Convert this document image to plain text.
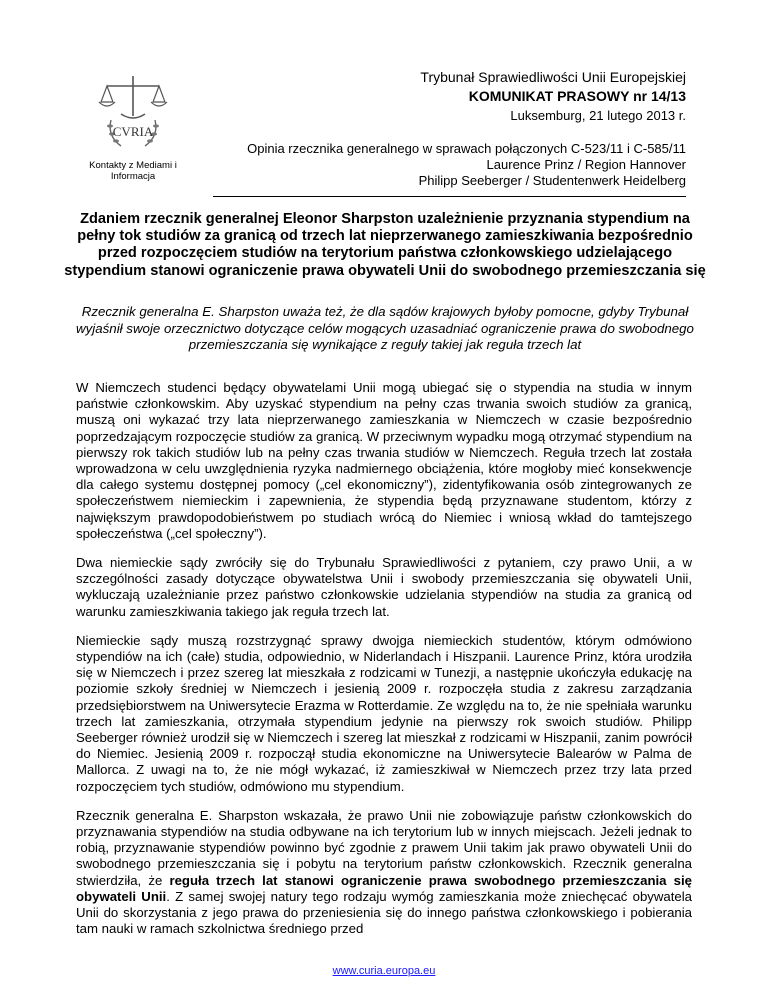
CVRIA
Kontakty z Mediami i
Informacja
Trybunał Sprawiedliwości Unii Europejskiej
KOMUNIKAT PRASOWY nr 14/13
Luksemburg, 21 lutego 2013 r.
Opinia rzecznika generalnego w sprawach połączonych C-523/11 i C-585/11
Laurence Prinz / Region Hannover
Philipp Seeberger / Studentenwerk Heidelberg
Zdaniem rzecznik generalnej Eleonor Sharpston uzależnienie przyznania stypendium na pełny tok studiów za granicą od trzech lat nieprzerwanego zamieszkiwania bezpośrednio przed rozpoczęciem studiów na terytorium państwa członkowskiego udzielającego stypendium stanowi ograniczenie prawa obywateli Unii do swobodnego przemieszczania się
Rzecznik generalna E. Sharpston uważa też, że dla sądów krajowych byłoby pomocne, gdyby Trybunał wyjaśnił swoje orzecznictwo dotyczące celów mogących uzasadniać ograniczenie prawa do swobodnego przemieszczania się wynikające z reguły takiej jak reguła trzech lat

W Niemczech studenci będący obywatelami Unii mogą ubiegać się o stypendia na studia w innym państwie członkowskim. Aby uzyskać stypendium na pełny czas trwania swoich studiów za granicą, muszą oni wykazać trzy lata nieprzerwanego zamieszkania w Niemczech w czasie bezpośrednio poprzedzającym rozpoczęcie studiów za granicą. W przeciwnym wypadku mogą otrzymać stypendium na pierwszy rok takich studiów lub na pełny czas trwania studiów w Niemczech. Reguła trzech lat została wprowadzona w celu uwzględnienia ryzyka nadmiernego obciążenia, które mogłoby mieć konsekwencje dla całego systemu dostępnej pomocy („cel ekonomiczny”), zidentyfikowania osób zintegrowanych ze społeczeństwem niemieckim i zapewnienia, że stypendia będą przyznawane studentom, którzy z największym prawdopodobieństwem po studiach wrócą do Niemiec i wniosą wkład do tamtejszego społeczeństwa („cel społeczny”).

Dwa niemieckie sądy zwróciły się do Trybunału Sprawiedliwości z pytaniem, czy prawo Unii, a w szczególności zasady dotyczące obywatelstwa Unii i swobody przemieszczania się obywateli Unii, wykluczają uzależnianie przez państwo członkowskie udzielania stypendiów na studia za granicą od warunku zamieszkiwania takiego jak reguła trzech lat.

Niemieckie sądy muszą rozstrzygnąć sprawy dwojga niemieckich studentów, którym odmówiono stypendiów na ich (całe) studia, odpowiednio, w Niderlandach i Hiszpanii. Laurence Prinz, która urodziła się w Niemczech i przez szereg lat mieszkała z rodzicami w Tunezji, a następnie ukończyła edukację na poziomie szkoły średniej w Niemczech i jesienią 2009 r. rozpoczęła studia z zakresu zarządzania przedsiębiorstwem na Uniwersytecie Erazma w Rotterdamie. Ze względu na to, że nie spełniała warunku trzech lat zamieszkania, otrzymała stypendium jedynie na pierwszy rok swoich studiów. Philipp Seeberger również urodził się w Niemczech i szereg lat mieszkał z rodzicami w Hiszpanii, zanim powrócił do Niemiec. Jesienią 2009 r. rozpoczął studia ekonomiczne na Uniwersytecie Balearów w Palma de Mallorca. Z uwagi na to, że nie mógł wykazać, iż zamieszkiwał w Niemczech przez trzy lata przed rozpoczęciem tych studiów, odmówiono mu stypendium.

Rzecznik generalna E. Sharpston wskazała, że prawo Unii nie zobowiązuje państw członkowskich do przyznawania stypendiów na studia odbywane na ich terytorium lub w innych miejscach. Jeżeli jednak to robią, przyznawanie stypendiów powinno być zgodnie z prawem Unii takim jak prawo obywateli Unii do swobodnego przemieszczania się i pobytu na terytorium państw członkowskich. Rzecznik generalna stwierdziła, że reguła trzech lat stanowi ograniczenie prawa swobodnego przemieszczania się obywateli Unii. Z samej swojej natury tego rodzaju wymóg zamieszkania może zniechęcać obywatela Unii do skorzystania z jego prawa do przeniesienia się do innego państwa członkowskiego i pobierania tam nauki w ramach szkolnictwa średniego przed

www.curia.europa.eu
